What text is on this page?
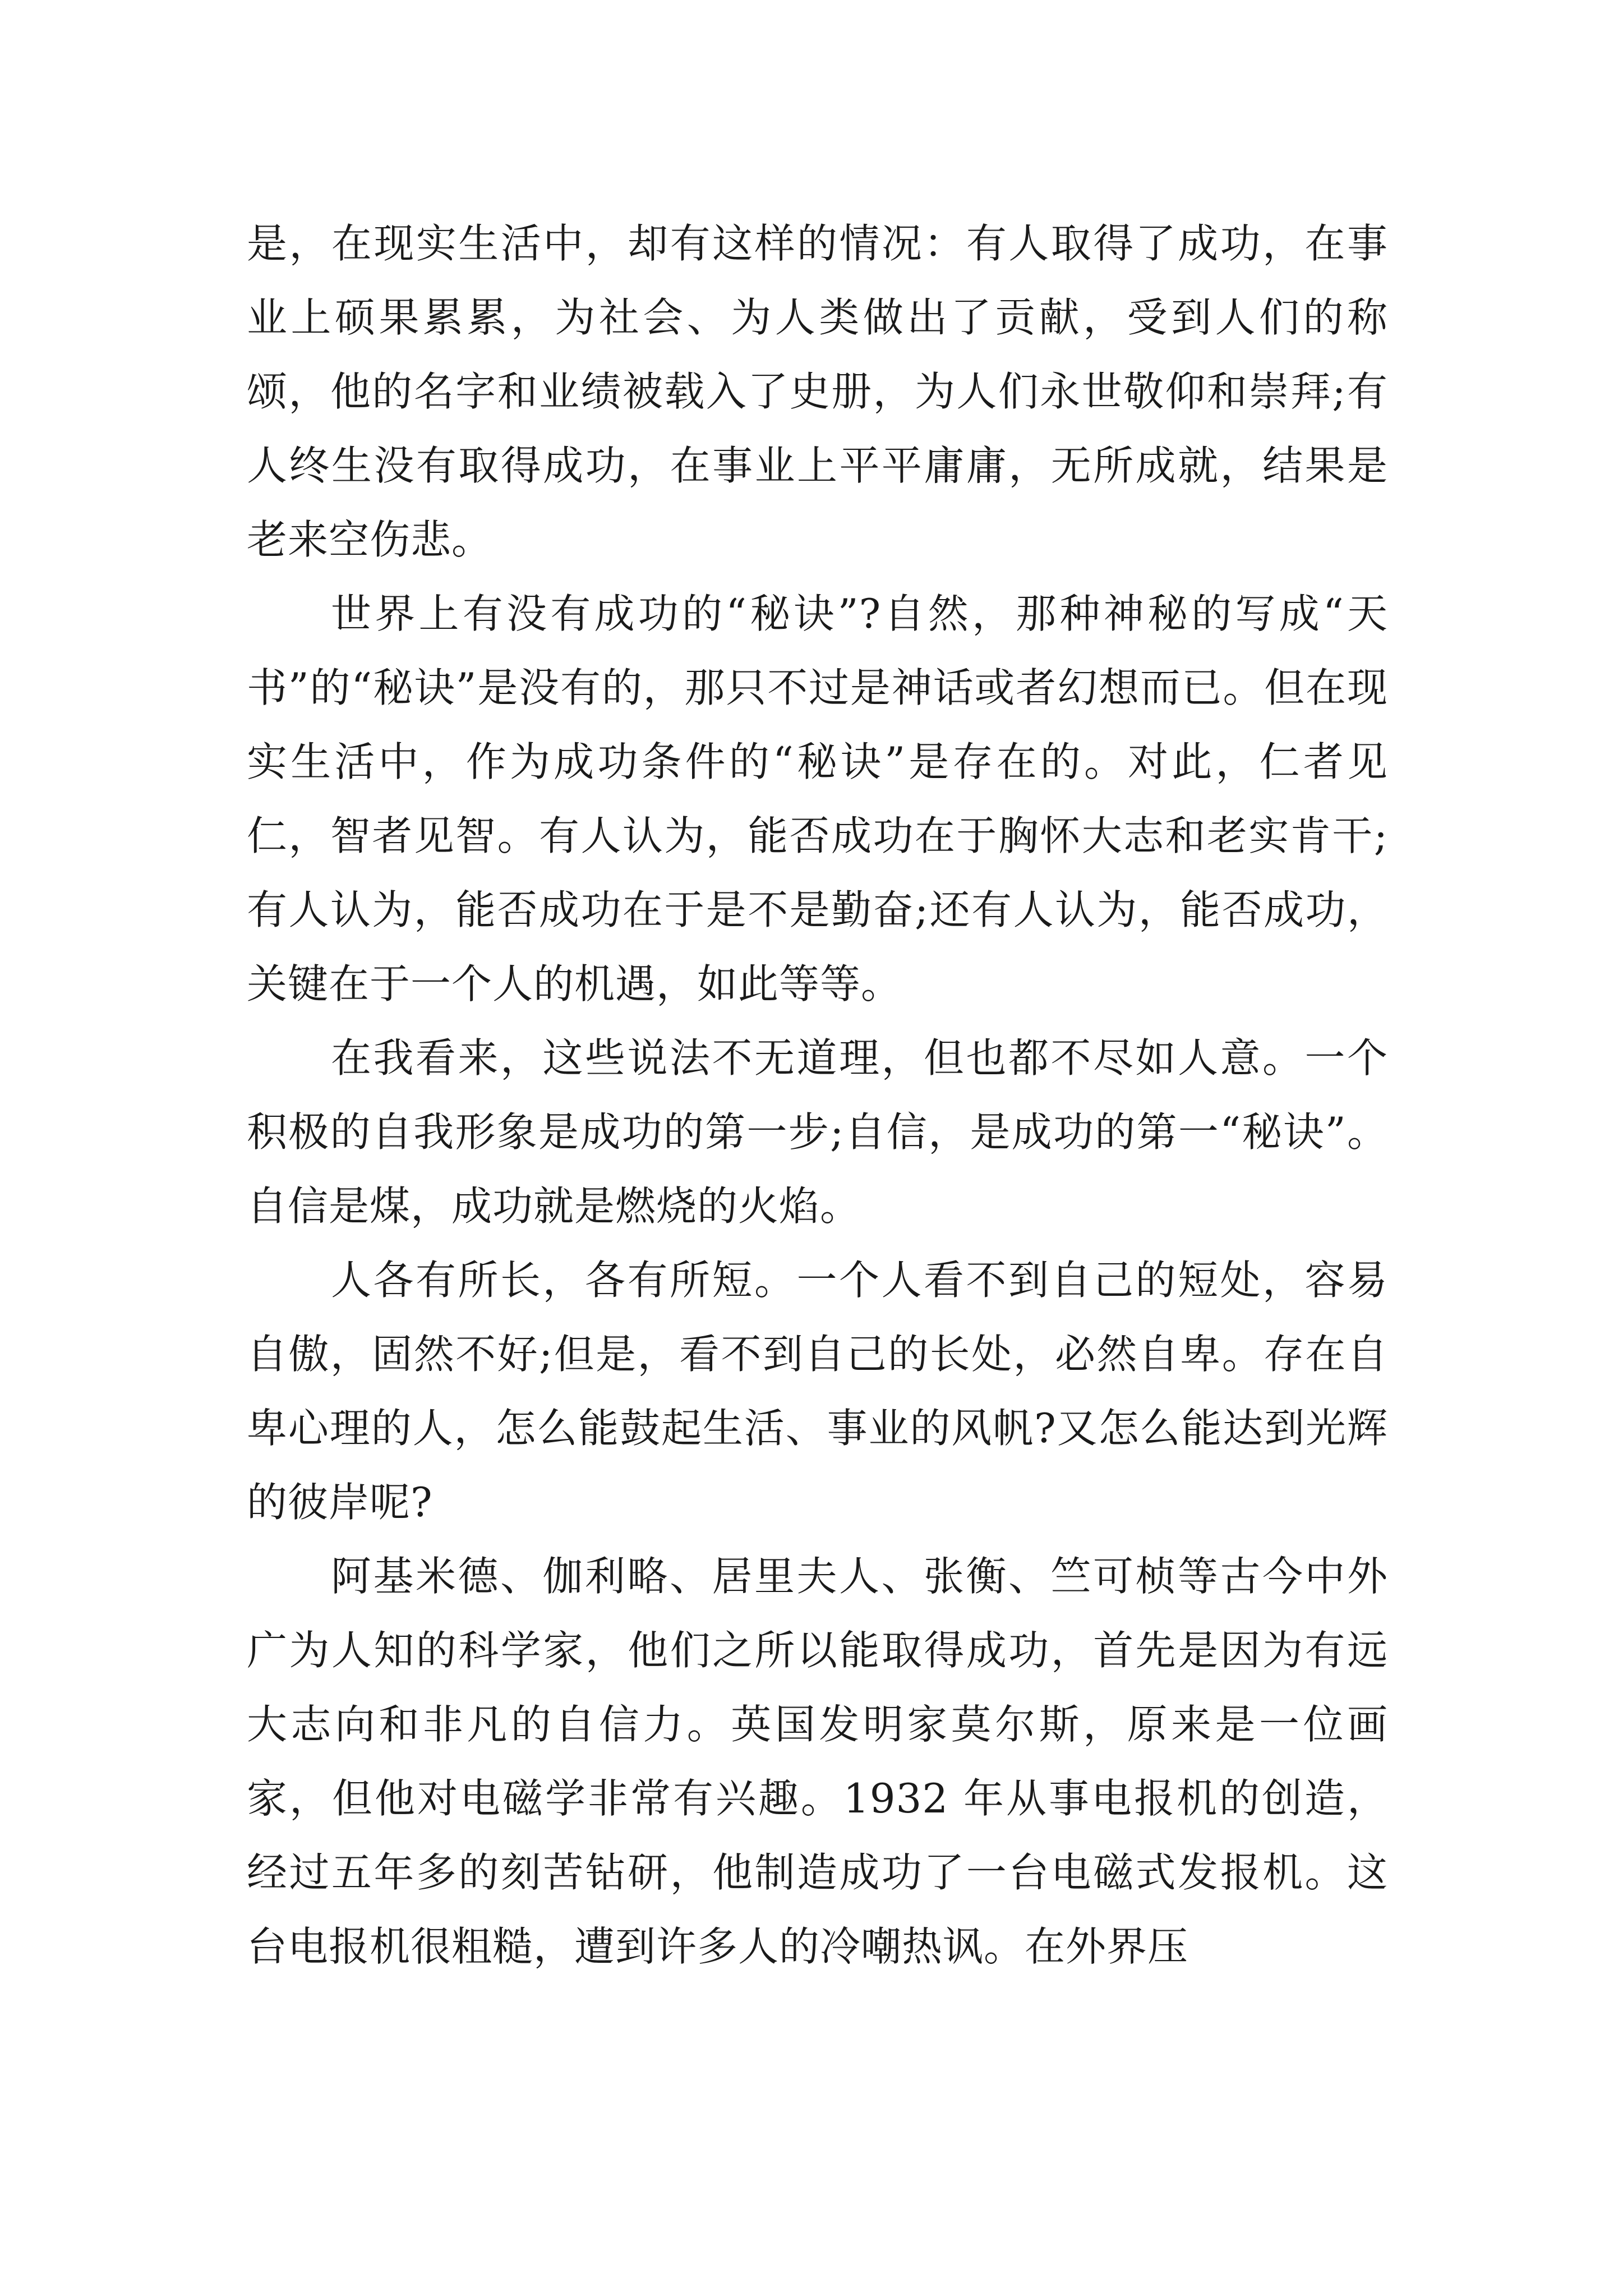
是，在现实生活中，却有这样的情况：有人取得了成功，在事业上硕果累累，为社会、为人类做出了贡献，受到人们的称颂，他的名字和业绩被载入了史册，为人们永世敬仰和崇拜;有人终生没有取得成功，在事业上平平庸庸，无所成就，结果是老来空伤悲。

世界上有没有成功的“秘诀”?自然，那种神秘的写成“天书”的“秘诀”是没有的，那只不过是神话或者幻想而已。但在现实生活中，作为成功条件的“秘诀”是存在的。对此，仁者见仁，智者见智。有人认为，能否成功在于胸怀大志和老实肯干;有人认为，能否成功在于是不是勤奋;还有人认为，能否成功，关键在于一个人的机遇，如此等等。

在我看来，这些说法不无道理，但也都不尽如人意。一个积极的自我形象是成功的第一步;自信，是成功的第一“秘诀”。自信是煤，成功就是燃烧的火焰。

人各有所长，各有所短。一个人看不到自己的短处，容易自傲，固然不好;但是，看不到自己的长处，必然自卑。存在自卑心理的人，怎么能鼓起生活、事业的风帆?又怎么能达到光辉的彼岸呢?

阿基米德、伽利略、居里夫人、张衡、竺可桢等古今中外广为人知的科学家，他们之所以能取得成功，首先是因为有远大志向和非凡的自信力。英国发明家莫尔斯，原来是一位画家，但他对电磁学非常有兴趣。1932 年从事电报机的创造，经过五年多的刻苦钻研，他制造成功了一台电磁式发报机。这台电报机很粗糙，遭到许多人的冷嘲热讽。在外界压
